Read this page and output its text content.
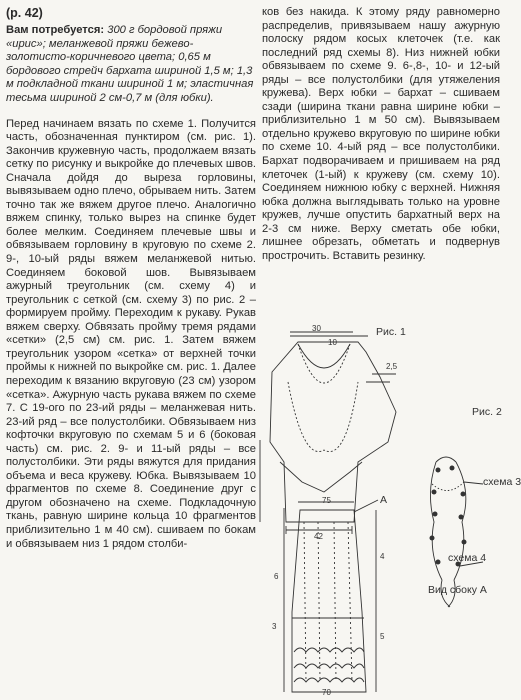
(р. 42)

Вам потребуется: 300 г бордовой пряжи «ирис»; меланжевой пряжи бежево-золотисто-коричневого цвета; 0,65 м бордового стрейч бархата шириной 1,5 м; 1,3 м подкладной ткани шириной 1 м; эластичная тесьма шириной 2 см-0,7 м (для юбки).

Перед начинаем вязать по схеме 1. Получится часть, обозначенная пунктиром (см. рис. 1). Закончив кружевную часть, продолжаем вязать сетку по рисунку и выкройке до плечевых швов. Сначала дойдя до выреза горловины, вывязываем одно плечо, обрываем нить. Затем точно так же вяжем другое плечо. Аналогично вяжем спинку, только вырез на спинке будет более мелким. Соединяем плечевые швы и обвязываем горловину в круговую по схеме 2. 9-, 10-ый ряды вяжем меланжевой нитью. Соединяем боковой шов. Вывязываем ажурный треугольник (см. схему 4) и треугольник с сеткой (см. схему 3) по рис. 2 – формируем пройму. Переходим к рукаву. Рукав вяжем сверху. Обвязать пройму тремя рядами «сетки» (2,5 см) см. рис. 1. Затем вяжем треугольник узором «сетка» от верхней точки проймы к нижней по выкройке см. рис. 1. Далее переходим к вязанию вкруговую (23 см) узором «сетка». Ажурную часть рукава вяжем по схеме 7. С 19-ого по 23-ий ряды – меланжевая нить. 23-ий ряд – все полустолбики. Обвязываем низ кофточки вкруговую по схемам 5 и 6 (боковая часть) см. рис. 2. 9- и 11-ый ряды – все полустолбики. Эти ряды вяжутся для придания объема и веса кружеву. Юбка. Вывязываем 10 фрагментов по схеме 8. Соединение друг с другом обозначено на схеме. Подкладочную ткань, равную ширине кольца 10 фрагментов приблизительно 1 м 40 см). сшиваем по бокам и обвязываем низ 1 рядом столби-

ков без накида. К этому ряду равномерно распределив, привязываем нашу ажурную полоску рядом косых клеточек (т.е. как последний ряд схемы 8). Низ нижней юбки обвязываем по схеме 9. 6-,8-, 10- и 12-ый ряды – все полустолбики (для утяжеления кружева). Верх юбки – бархат – сшиваем сзади (ширина ткани равна ширине юбки – приблизительно 1 м 50 см). Вывязываем отдельно кружево вкруговую по ширине юбки по схеме 10. 4-ый ряд – все полустолбики. Бархат подворачиваем и пришиваем на ряд клеточек (1-ый) к кружеву (см. схему 10). Соединяем нижнюю юбку с верхней. Нижняя юбка должна выглядывать только на уровне кружев, лучше опустить бархатный верх на 2-3 см ниже. Верху сметать обе юбки, лишнее обрезать, обметать и подвернув прострочить. Вставить резинку.

Рис. 1
Рис. 2
2,5
30
10
42
75
70
6
4
3
5
А
схема 3
схема 4
Вид сбоку А
